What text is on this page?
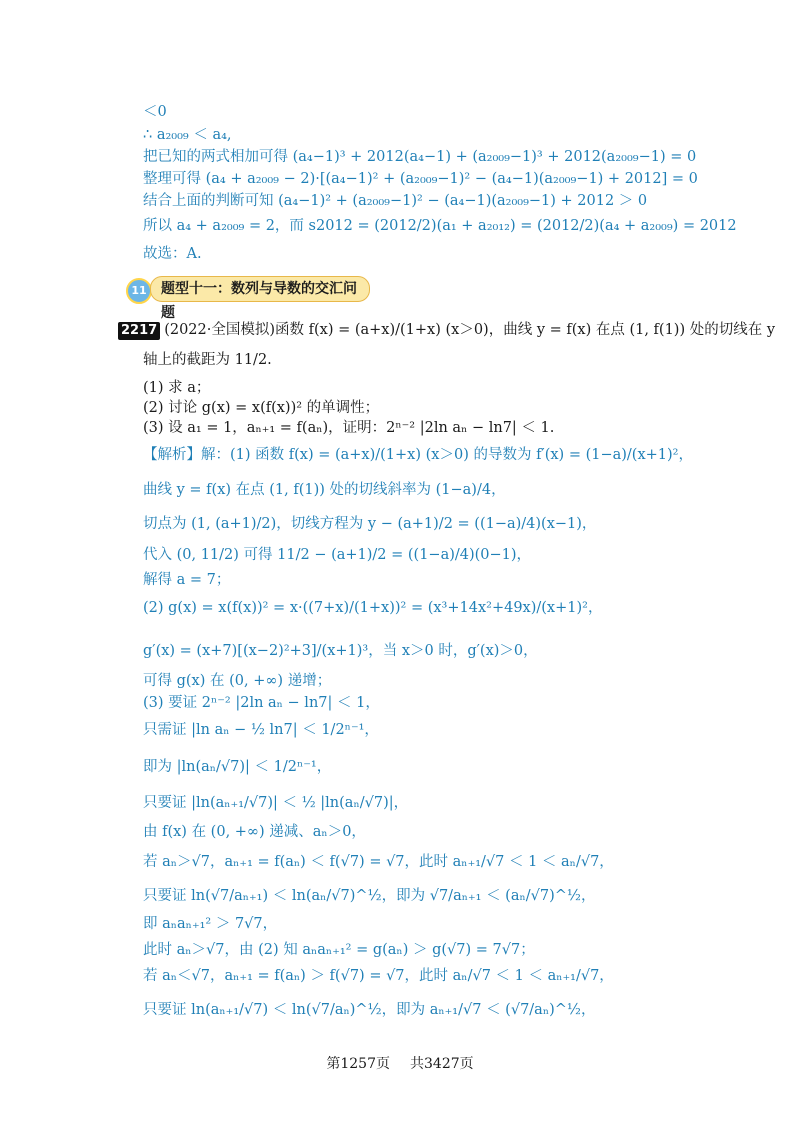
＜0
∴ a₂₀₀₉ ＜ a₄,
把已知的两式相加可得 (a₄−1)³ + 2012(a₄−1) + (a₂₀₀₉−1)³ + 2012(a₂₀₀₉−1) = 0
整理可得 (a₄ + a₂₀₀₉ − 2)·[(a₄−1)² + (a₂₀₀₉−1)² − (a₄−1)(a₂₀₀₉−1) + 2012] = 0
结合上面的判断可知 (a₄−1)² + (a₂₀₀₉−1)² − (a₄−1)(a₂₀₀₉−1) + 2012 ＞ 0
所以 a₄ + a₂₀₀₉ = 2，而 s2012 = (2012/2)(a₁ + a₂₀₁₂) = (2012/2)(a₄ + a₂₀₀₉) = 2012
故选：A.
11	题型十一：数列与导数的交汇问题
2217 (2022·全国模拟)函数 f(x) = (a+x)/(1+x) (x＞0)，曲线 y = f(x) 在点 (1, f(1)) 处的切线在 y
轴上的截距为 11/2.
(1) 求 a；
(2) 讨论 g(x) = x(f(x))² 的单调性；
(3) 设 a₁ = 1，aₙ₊₁ = f(aₙ)，证明：2ⁿ⁻² |2ln aₙ − ln7| ＜ 1.
【解析】解：(1) 函数 f(x) = (a+x)/(1+x) (x＞0) 的导数为 f′(x) = (1−a)/(x+1)²，
曲线 y = f(x) 在点 (1, f(1)) 处的切线斜率为 (1−a)/4，
切点为 (1, (a+1)/2)，切线方程为 y − (a+1)/2 = ((1−a)/4)(x−1)，
代入 (0, 11/2) 可得 11/2 − (a+1)/2 = ((1−a)/4)(0−1)，
解得 a = 7；
(2) g(x) = x(f(x))² = x·((7+x)/(1+x))² = (x³+14x²+49x)/(x+1)²，
g′(x) = (x+7)[(x−2)²+3]/(x+1)³，当 x＞0 时，g′(x)＞0，
可得 g(x) 在 (0, +∞) 递增；
(3) 要证 2ⁿ⁻² |2ln aₙ − ln7| ＜ 1，
只需证 |ln aₙ − ½ ln7| ＜ 1/2ⁿ⁻¹，
即为 |ln(aₙ/√7)| ＜ 1/2ⁿ⁻¹，
只要证 |ln(aₙ₊₁/√7)| ＜ ½ |ln(aₙ/√7)|，
由 f(x) 在 (0, +∞) 递减、aₙ＞0，
若 aₙ＞√7，aₙ₊₁ = f(aₙ) ＜ f(√7) = √7，此时 aₙ₊₁/√7 ＜ 1 ＜ aₙ/√7，
只要证 ln(√7/aₙ₊₁) ＜ ln(aₙ/√7)^½，即为 √7/aₙ₊₁ ＜ (aₙ/√7)^½，
即 aₙaₙ₊₁² ＞ 7√7，
此时 aₙ＞√7，由 (2) 知 aₙaₙ₊₁² = g(aₙ) ＞ g(√7) = 7√7；
若 aₙ＜√7，aₙ₊₁ = f(aₙ) ＞ f(√7) = √7，此时 aₙ/√7 ＜ 1 ＜ aₙ₊₁/√7，
只要证 ln(aₙ₊₁/√7) ＜ ln(√7/aₙ)^½，即为 aₙ₊₁/√7 ＜ (√7/aₙ)^½，
第1257页 共3427页
